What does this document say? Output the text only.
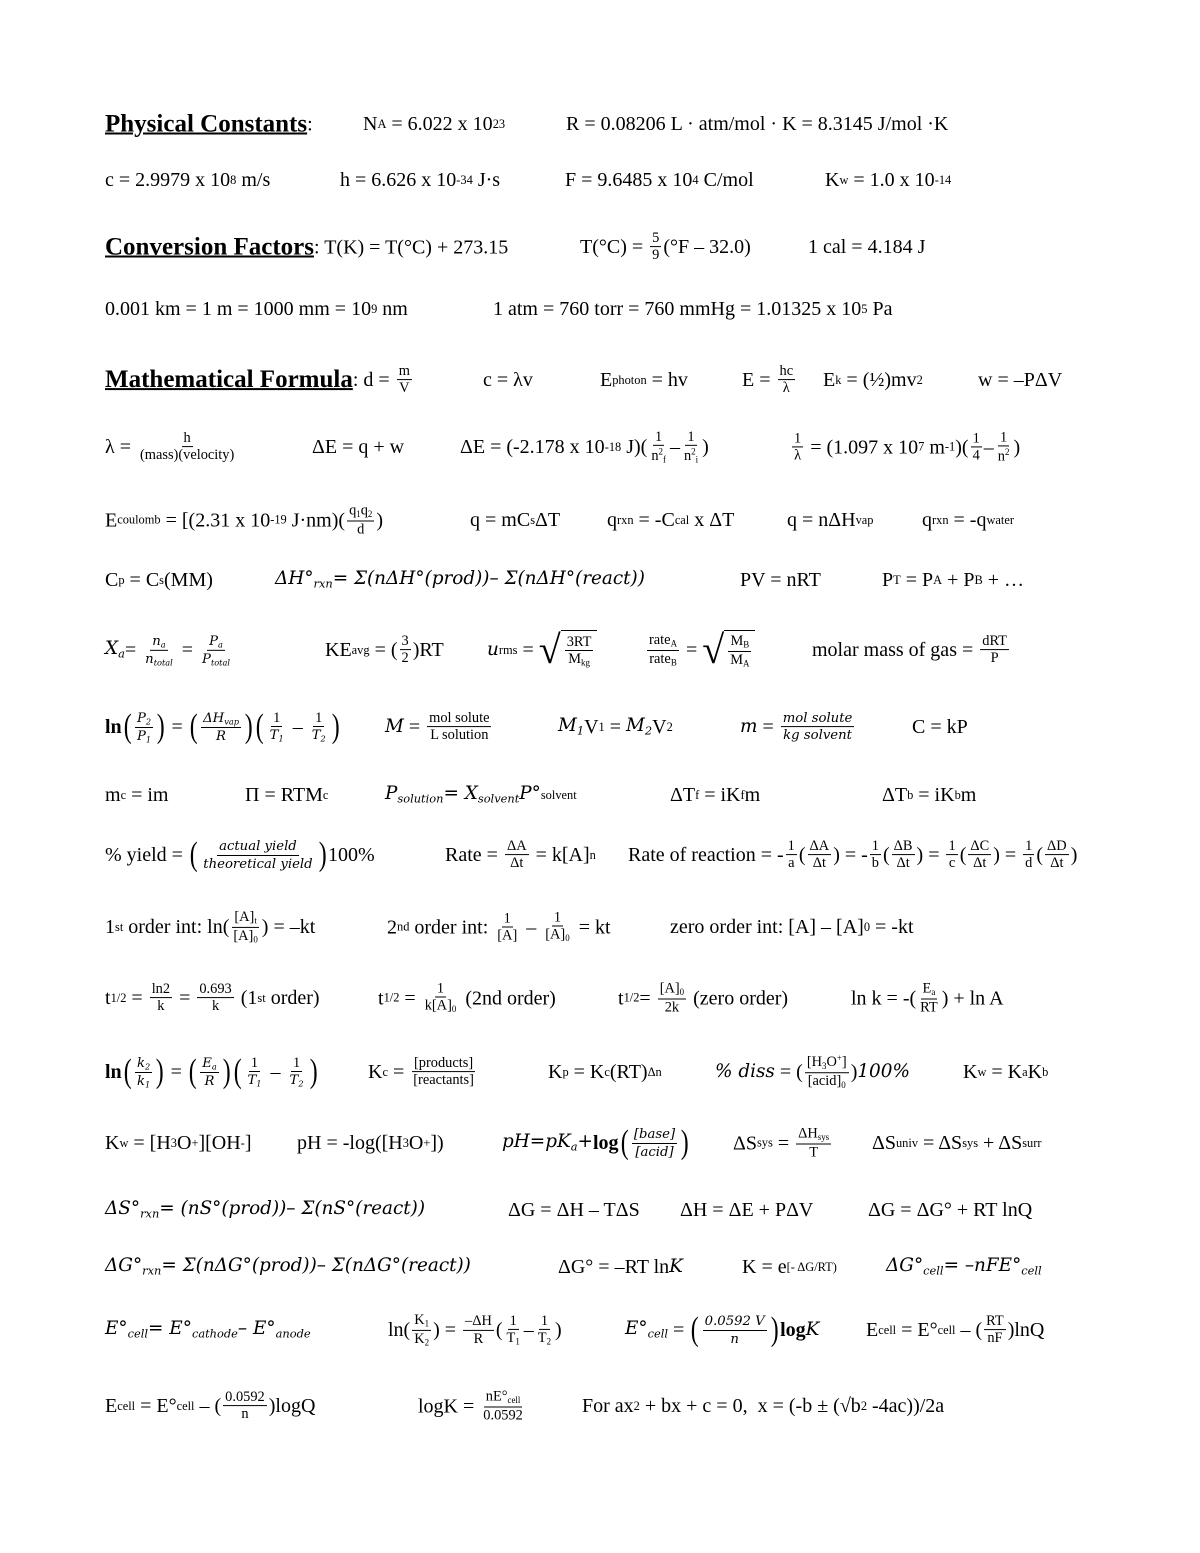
Physical Constants :	N A = 6.022 x 10 23	R = 0.08206 L · atm/mol · K = 8.3145 J/mol ·K
c = 2.9979 x 10 8 m/s	h = 6.626 x 10 -34 J·s	F = 9.6485 x 10 4 C/mol	K w = 1.0 x 10 -14
Conversion Factors : T(K) = T(°C) + 273.15	$T(^\circ C) = \frac{5}{9} (^\circ F - 32.0)$	1 cal = 4.184 J
0.001 km = 1 m = 1000 mm = 10 9 nm	1 atm = 760 torr = 760 mmHg = 1.01325 x 10 5 Pa
Mathematical Formula : $d = \frac{m}{V}$	c = λv	E photon = hv	$E = \frac{hc}{\lambda}$ E k = (½)mv 2	w = –PΔV
$\lambda = \frac{h}{\text{(mass)(velocity)}}$	ΔE = q + w	ΔE = (-2.178 x 10 -18 $J)( \frac{1}{n^2_f} - \frac{1}{n^2_i}$ )	$\frac{1}{\lambda} = (1.097$ x 10 7 m -1 )( $\frac{1}{4} - \frac{1}{n^2}$ )
E coulomb = [(2.31 x 10 -19 $J\cdot nm)( \frac{q_1q_2}{d}$ )	q = mC s ΔT q rxn = -C cal x ΔT	q = nΔH vap q rxn = -q water
C p = C s (MM)	$\Delta H^\circ_{rxn}=$ Σ(nΔH°(prod))– Σ(nΔH°(react))	PV = nRT	P T = P A + P B + …
$X_a = \frac{n_a}{n_{total}} = \frac{P_a}{P_{total}}$	KE avg = ( $\frac{3}{2} )RT$ u rms = √ $\frac{3RT}{M_{kg}}$	$\frac{rate_A}{rate_B}$ = √ $\frac{M_B}{M_A}$	molar mass of gas = $\frac{\text{dRT}}{P}$
ln ( $\frac{P_2}{P_1}$ ) = ( $\frac{\Delta H_{vap}}{R}$ ) ( $\frac{1}{T_1} - \frac{1}{T_2}$ ) $M = \frac{\text{mol solute}}{\text{L solution}}$	$M_1$ V $1 = M_2$ V 2	$m = \frac{\text{mol solute}}{\text{kg solvent}}$	C = kP
m c = im	Π = RTM c	$P_{solution}= X_{solvent}P^\circ$ solvent	ΔT f = iK f m	ΔT b = iK b m
% yield = ( $\frac{\text{actual yield}}{\text{theoretical yield}}$ ) 100%	Rate = $\frac{\Delta A}{\Delta t} = k[A]$ n Rate of reaction = - $\frac{1}{a}$ ( $\frac{\Delta A}{\Delta t}$ ) = - $\frac{1}{b}$ ( $\frac{\Delta B}{\Delta t}$ ) = $\frac{1}{c}$ ( $\frac{\Delta C}{\Delta t}$ ) = $\frac{1}{d}$ ( $\frac{\Delta D}{\Delta t}$ )
1 st order int: $\ln( \frac{[A]_t}{[A]_0}$ ) = –kt	2 nd order int: $\frac{1}{[A]} - \frac{1}{[A]_0}$ = kt	zero order int: [A] – [A] 0 = -kt
t $1/2 = \frac{\ln 2}{k} = \frac{0.693}{k} (1$ st order)	t $1/2 = \frac{1}{k[A]_0} (2nd$ order)	t $1/2 = \frac{[A]_0}{2k}$ (zero order)	ln k = -( $\frac{E_a}{RT}$ ) + ln A
ln ( $\frac{k_2}{k_1}$ ) = ( $\frac{E_a}{R}$ ) ( $\frac{1}{T_1} - \frac{1}{T_2}$ )	K $c = \frac{\text{[products]}}{\text{[reactants]}}$	K p = K c (RT) Δn	% diss = ( $\frac{[H_3O^+]}{[acid]_0}$ ) 100%	K w = K a K b
K w = [H 3 O + ][OH - ] pH = -log([H 3 O + ])	$pH=pK_a+ \log$ ( $\frac{\text{[base]}}{\text{[acid]}}$ ) ΔS sys = $\frac{\Delta H_{sys}}{T}$ ΔS univ = ΔS sys + ΔS surr
$\Delta S^\circ_{rxn}=$ (nS°(prod))– Σ(nS°(react))	ΔG = ΔH – TΔS ΔH = ΔE + PΔV	ΔG = ΔG° + RT lnQ
$\Delta G^\circ_{rxn}=$ Σ(nΔG°(prod))– Σ(nΔG°(react))	ΔG° = –RT ln K	K = e [- ΔG/RT)	$\Delta G^\circ_{cell}= -nFE^\circ_{cell}$
$E^\circ_{cell}= E^\circ_{cathode}-$ $E^\circ_{anode}$	$\ln( \frac{K_1}{K_2}$ ) = $\frac{-\Delta H}{R}$ ( $\frac{1}{T_1} - \frac{1}{T_2}$ )	$E^\circ_{cell}$ = ( $\frac{0.0592 V}{n}$ ) log K E cell = E° cell – ( $\frac{RT}{nF} )\ln Q$
E cell = E° cell – ( $\frac{0.0592}{n} )\log Q$	$\log K = \frac{nE^\circ_{cell}}{0.0592}$	For ax 2 + bx + c = 0,  x = (-b ± (√b 2 -4ac))/2a
